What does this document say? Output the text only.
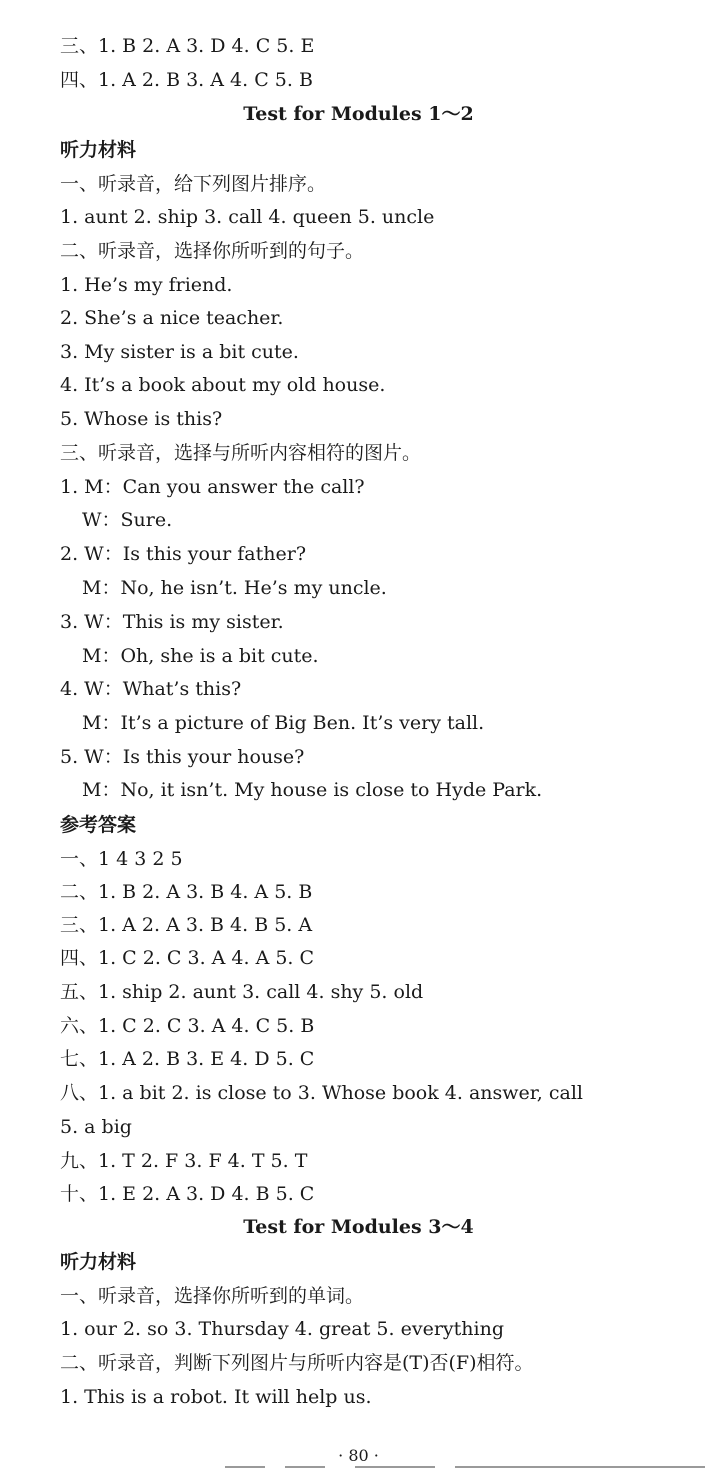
三、1. B 2. A 3. D 4. C 5. E
四、1. A 2. B 3. A 4. C 5. B
Test for Modules 1～2
听力材料
一、听录音，给下列图片排序。
1. aunt 2. ship 3. call 4. queen 5. uncle
二、听录音，选择你所听到的句子。
1. He’s my friend.
2. She’s a nice teacher.
3. My sister is a bit cute.
4. It’s a book about my old house.
5. Whose is this?
三、听录音，选择与所听内容相符的图片。
1. M：Can you answer the call?
W：Sure.
2. W：Is this your father?
M：No, he isn’t. He’s my uncle.
3. W：This is my sister.
M：Oh, she is a bit cute.
4. W：What’s this?
M：It’s a picture of Big Ben. It’s very tall.
5. W：Is this your house?
M：No, it isn’t. My house is close to Hyde Park.
参考答案
一、1 4 3 2 5
二、1. B 2. A 3. B 4. A 5. B
三、1. A 2. A 3. B 4. B 5. A
四、1. C 2. C 3. A 4. A 5. C
五、1. ship 2. aunt 3. call 4. shy 5. old
六、1. C 2. C 3. A 4. C 5. B
七、1. A 2. B 3. E 4. D 5. C
八、1. a bit 2. is close to 3. Whose book 4. answer, call
5. a big
九、1. T 2. F 3. F 4. T 5. T
十、1. E 2. A 3. D 4. B 5. C
Test for Modules 3～4
听力材料
一、听录音，选择你所听到的单词。
1. our 2. so 3. Thursday 4. great 5. everything
二、听录音，判断下列图片与所听内容是(T)否(F)相符。
1. This is a robot. It will help us.
· 80 ·
